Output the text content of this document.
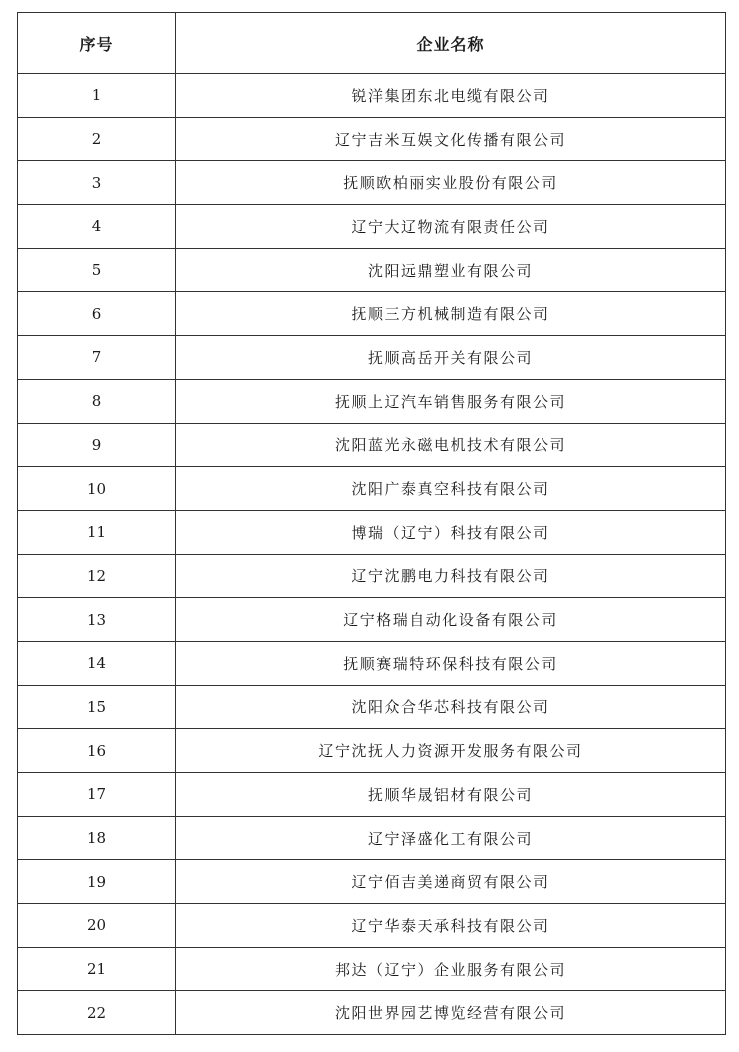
序号	企业名称
1	锐洋集团东北电缆有限公司
2	辽宁吉米互娱文化传播有限公司
3	抚顺欧柏丽实业股份有限公司
4	辽宁大辽物流有限责任公司
5	沈阳远鼎塑业有限公司
6	抚顺三方机械制造有限公司
7	抚顺高岳开关有限公司
8	抚顺上辽汽车销售服务有限公司
9	沈阳蓝光永磁电机技术有限公司
10	沈阳广泰真空科技有限公司
11	博瑞（辽宁）科技有限公司
12	辽宁沈鹏电力科技有限公司
13	辽宁格瑞自动化设备有限公司
14	抚顺赛瑞特环保科技有限公司
15	沈阳众合华芯科技有限公司
16	辽宁沈抚人力资源开发服务有限公司
17	抚顺华晟铝材有限公司
18	辽宁泽盛化工有限公司
19	辽宁佰吉美递商贸有限公司
20	辽宁华泰天承科技有限公司
21	邦达（辽宁）企业服务有限公司
22	沈阳世界园艺博览经营有限公司
